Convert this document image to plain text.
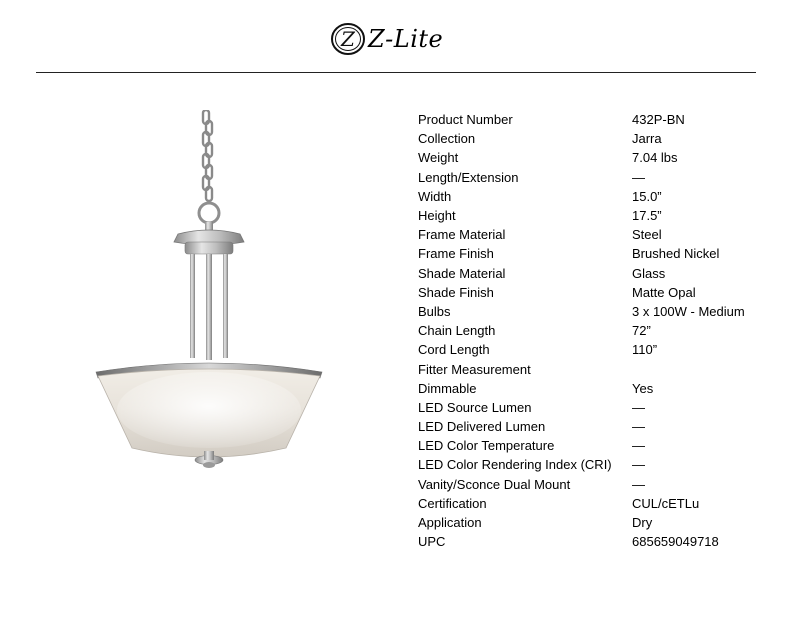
Z Z-Lite
Product Number	432P-BN
Collection	Jarra
Weight	7.04 lbs
Length/Extension	—
Width	15.0”
Height	17.5”
Frame Material	Steel
Frame Finish	Brushed Nickel
Shade Material	Glass
Shade Finish	Matte Opal
Bulbs	3 x 100W - Medium
Chain Length	72”
Cord Length	110”
Fitter Measurement
Dimmable	Yes
LED Source Lumen	—
LED Delivered Lumen	—
LED Color Temperature	—
LED Color Rendering Index (CRI)	—
Vanity/Sconce Dual Mount	—
Certification	CUL/cETLu
Application	Dry
UPC	685659049718
